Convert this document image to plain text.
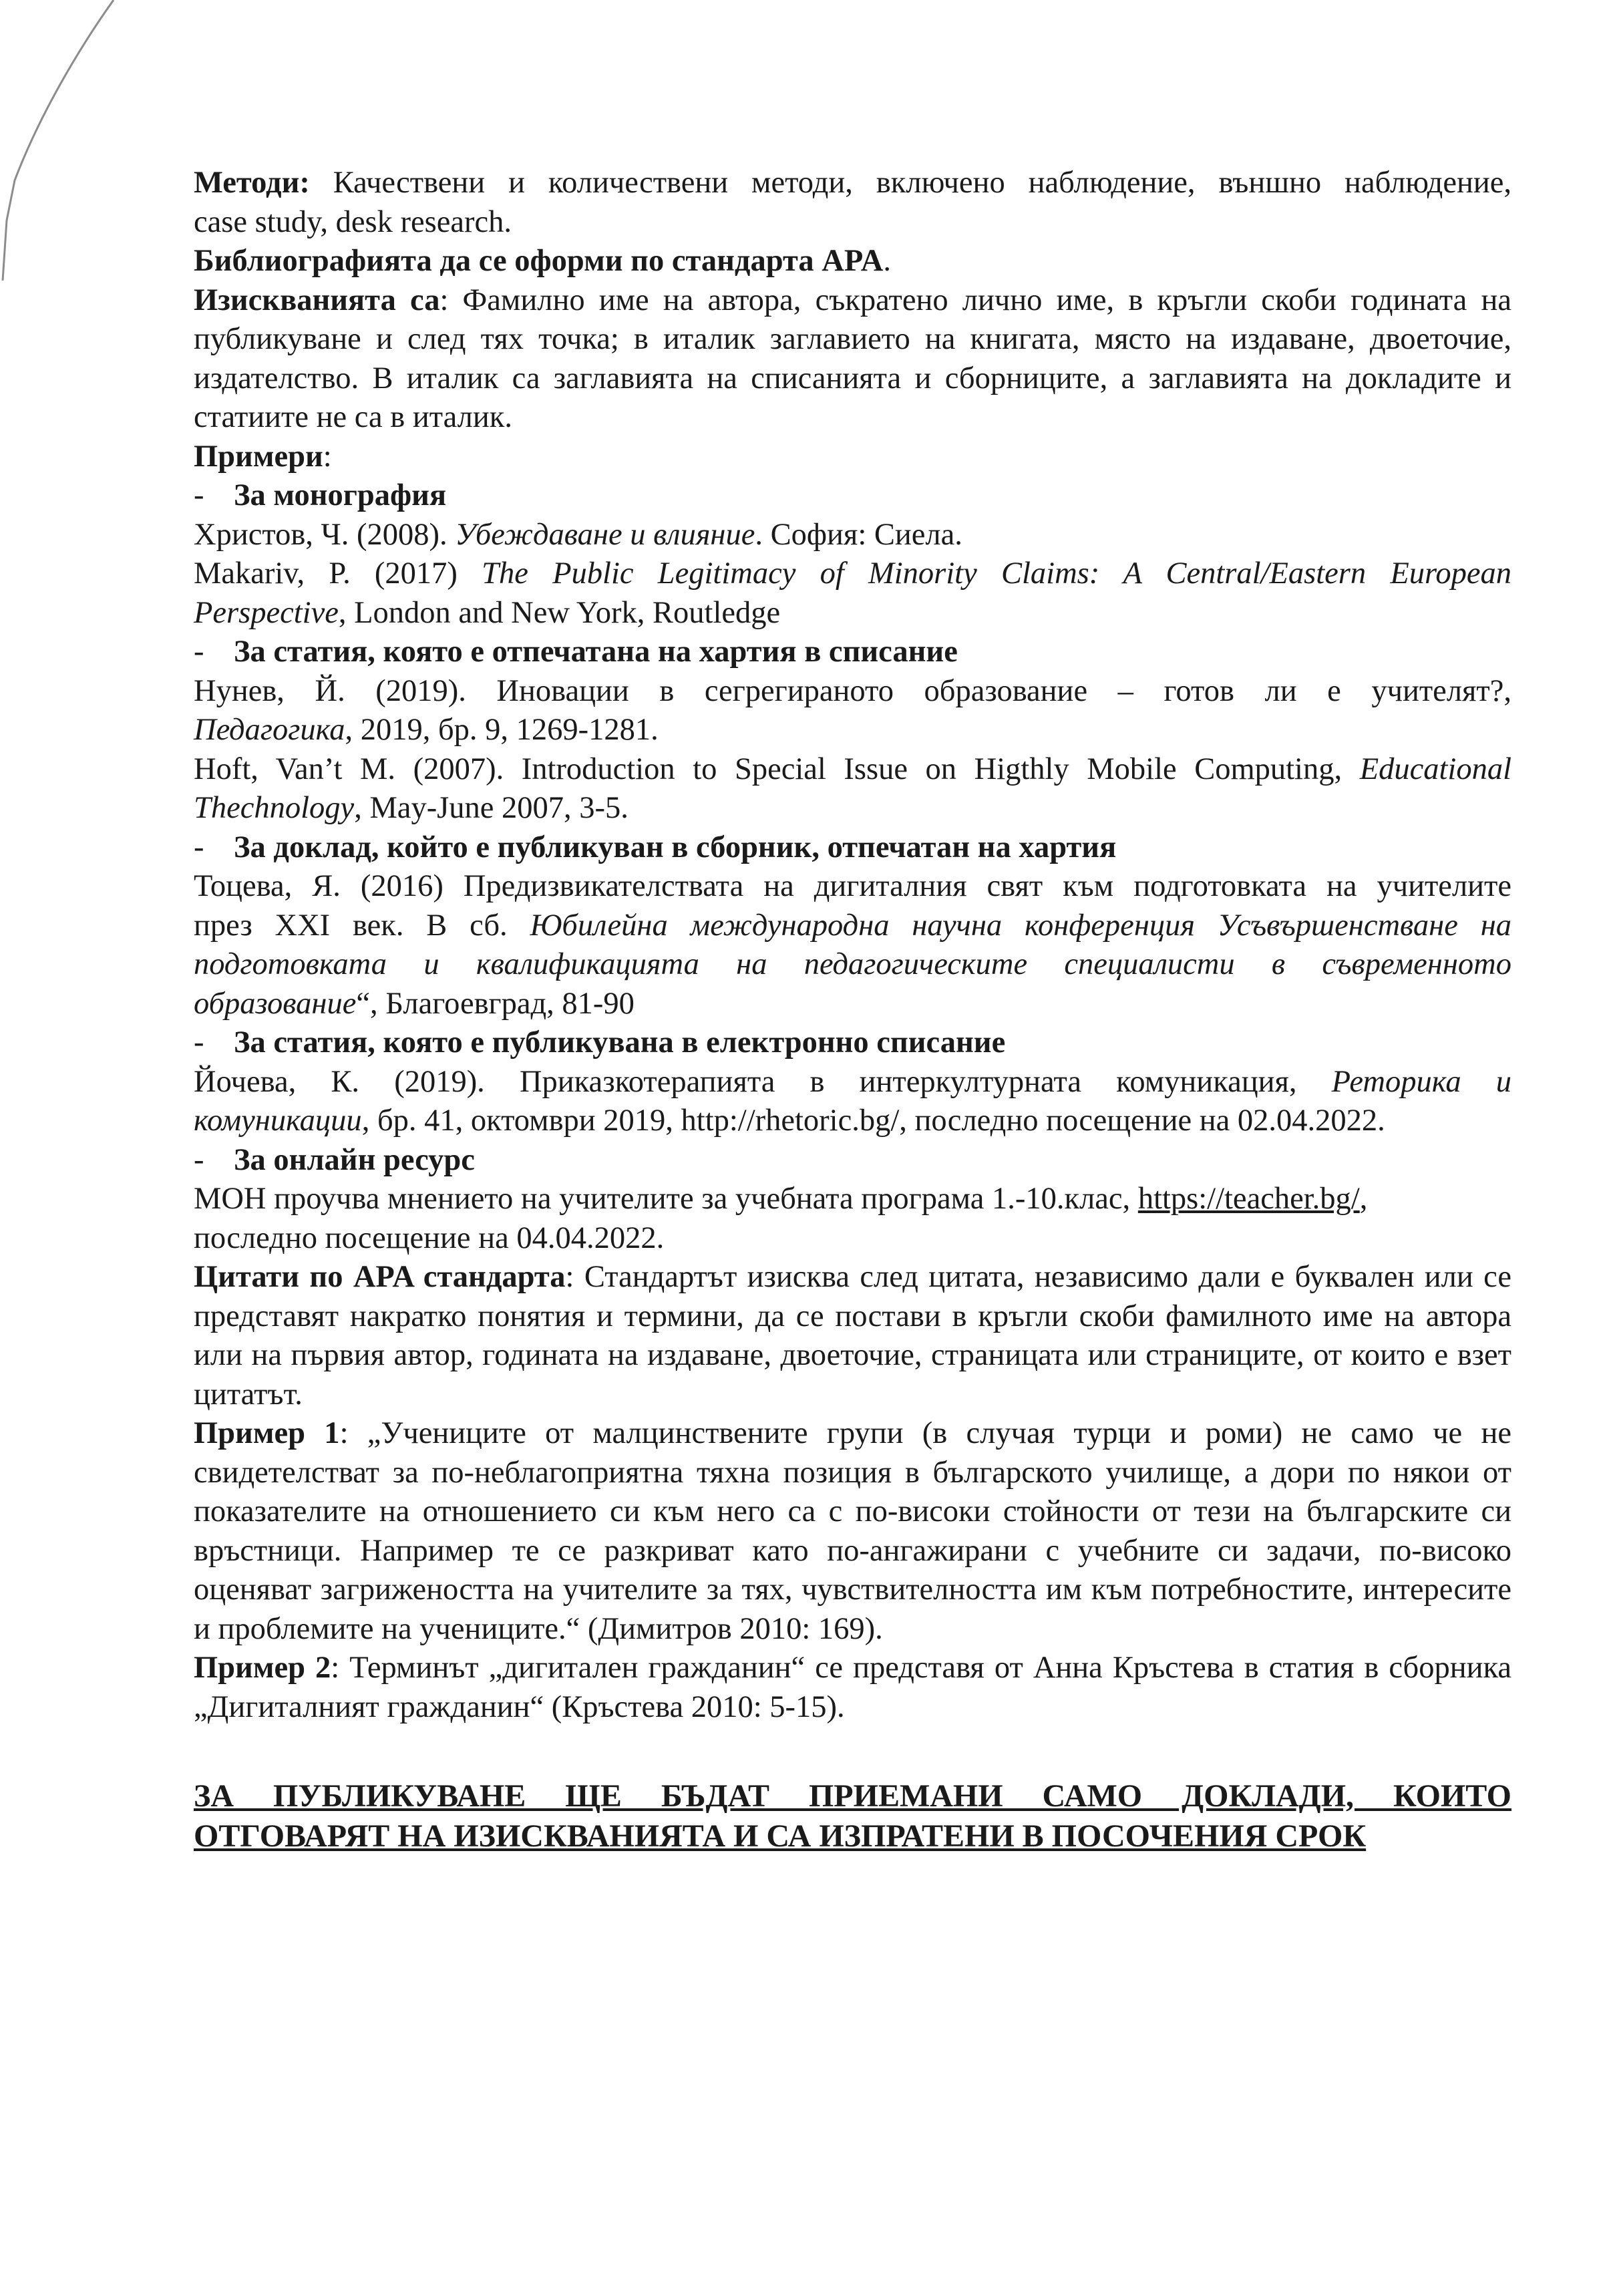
Методи: Качествени и количествени методи, включено наблюдение, външно наблюдение,

case study, desk research.

Библиографията да се оформи по стандарта APA.

Изискванията са: Фамилно име на автора, съкратено лично име, в кръгли скоби годината на публикуване и след тях точка; в италик заглавието на книгата, място на издаване, двоеточие, издателство. В италик са заглавията на списанията и сборниците, а заглавията на докладите и статиите не са в италик.

Примери:

- За монография

Христов, Ч. (2008). Убеждаване и влияние. София: Сиела.

Makariv, P. (2017) The Public Legitimacy of Minority Claims: A Central/Eastern European

Perspective, London and New York, Routledge

- За статия, която е отпечатана на хартия в списание

Нунев, Й. (2019). Иновации в сегрегираното образование – готов ли е учителят?,

Педагогика, 2019, бр. 9, 1269-1281.

Hoft, Van’t M. (2007). Introduction to Special Issue on Higthly Mobile Computing, Educational

Thechnology, May-June 2007, 3-5.

- За доклад, който е публикуван в сборник, отпечатан на хартия

Тоцева, Я. (2016) Предизвикателствата на дигиталния свят към подготовката на учителите

през XXI век. В сб. Юбилейна международна научна конференция Усъвършенстване на

подготовката и квалификацията на педагогическите специалисти в съвременното

образование“, Благоевград, 81-90

- За статия, която е публикувана в електронно списание

Йочева, К. (2019). Приказкотерапията в интеркултурната комуникация, Реторика и

комуникации, бр. 41, октомври 2019, http://rhetoric.bg/, последно посещение на 02.04.2022.

- За онлайн ресурс

МОН проучва мнението на учителите за учебната програма 1.-10.клас, https://teacher.bg/,

последно посещение на 04.04.2022.

Цитати по APA стандарта: Стандартът изисква след цитата, независимо дали е буквален или се представят накратко понятия и термини, да се постави в кръгли скоби фамилното име на автора или на първия автор, годината на издаване, двоеточие, страницата или страниците, от които е взет цитатът.

Пример 1: „Учениците от малцинствените групи (в случая турци и роми) не само че не свидетелстват за по-неблагоприятна тяхна позиция в българското училище, а дори по някои от показателите на отношението си към него са с по-високи стойности от тези на българските си връстници. Например те се разкриват като по-ангажирани с учебните си задачи, по-високо оценяват загрижеността на учителите за тях, чувствителността им към потребностите, интересите и проблемите на учениците.“ (Димитров 2010: 169).

Пример 2: Терминът „дигитален гражданин“ се представя от Анна Кръстева в статия в сборника „Дигиталният гражданин“ (Кръстева 2010: 5-15).

ЗА ПУБЛИКУВАНЕ ЩЕ БЪДАТ ПРИЕМАНИ САМО ДОКЛАДИ, КОИТО

ОТГОВАРЯТ НА ИЗИСКВАНИЯТА И СА ИЗПРАТЕНИ В ПОСОЧЕНИЯ СРОК
